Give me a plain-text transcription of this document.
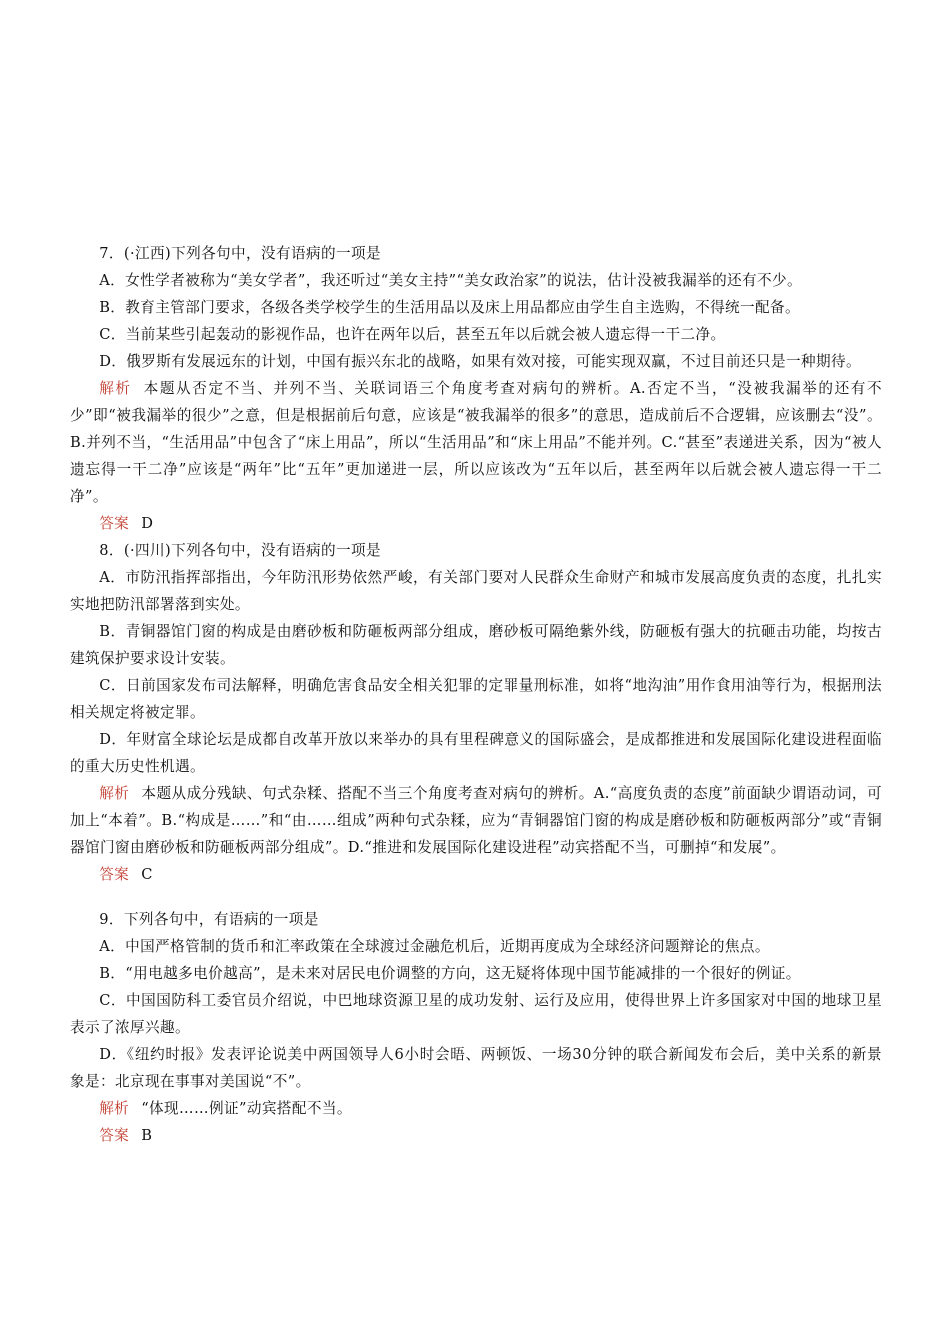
7．(·江西)下列各句中，没有语病的一项是

A．女性学者被称为“美女学者”，我还听过“美女主持”“美女政治家”的说法，估计没被我漏举的还有不少。

B．教育主管部门要求，各级各类学校学生的生活用品以及床上用品都应由学生自主选购，不得统一配备。

C．当前某些引起轰动的影视作品，也许在两年以后，甚至五年以后就会被人遗忘得一干二净。

D．俄罗斯有发展远东的计划，中国有振兴东北的战略，如果有效对接，可能实现双赢，不过目前还只是一种期待。

解析 本题从否定不当、并列不当、关联词语三个角度考查对病句的辨析。A.否定不当，“没被我漏举的还有不少”即“被我漏举的很少”之意，但是根据前后句意，应该是“被我漏举的很多”的意思，造成前后不合逻辑，应该删去“没”。B.并列不当，“生活用品”中包含了“床上用品”，所以“生活用品”和“床上用品”不能并列。C.“甚至”表递进关系，因为“被人遗忘得一干二净”应该是“两年”比“五年”更加递进一层，所以应该改为“五年以后，甚至两年以后就会被人遗忘得一干二净”。

答案 D

8．(·四川)下列各句中，没有语病的一项是

A．市防汛指挥部指出，今年防汛形势依然严峻，有关部门要对人民群众生命财产和城市发展高度负责的态度，扎扎实实地把防汛部署落到实处。

B．青铜器馆门窗的构成是由磨砂板和防砸板两部分组成，磨砂板可隔绝紫外线，防砸板有强大的抗砸击功能，均按古建筑保护要求设计安装。

C．日前国家发布司法解释，明确危害食品安全相关犯罪的定罪量刑标准，如将“地沟油”用作食用油等行为，根据刑法相关规定将被定罪。

D．年财富全球论坛是成都自改革开放以来举办的具有里程碑意义的国际盛会，是成都推进和发展国际化建设进程面临的重大历史性机遇。

解析 本题从成分残缺、句式杂糅、搭配不当三个角度考查对病句的辨析。A.“高度负责的态度”前面缺少谓语动词，可加上“本着”。B.“构成是……”和“由……组成”两种句式杂糅，应为“青铜器馆门窗的构成是磨砂板和防砸板两部分”或“青铜器馆门窗由磨砂板和防砸板两部分组成”。D.“推进和发展国际化建设进程”动宾搭配不当，可删掉“和发展”。

答案 C

9．下列各句中，有语病的一项是

A．中国严格管制的货币和汇率政策在全球渡过金融危机后，近期再度成为全球经济问题辩论的焦点。

B．“用电越多电价越高”，是未来对居民电价调整的方向，这无疑将体现中国节能减排的一个很好的例证。

C．中国国防科工委官员介绍说，中巴地球资源卫星的成功发射、运行及应用，使得世界上许多国家对中国的地球卫星表示了浓厚兴趣。

D．《纽约时报》发表评论说美中两国领导人6小时会晤、两顿饭、一场30分钟的联合新闻发布会后，美中关系的新景象是：北京现在事事对美国说“不”。

解析 “体现……例证”动宾搭配不当。

答案 B
